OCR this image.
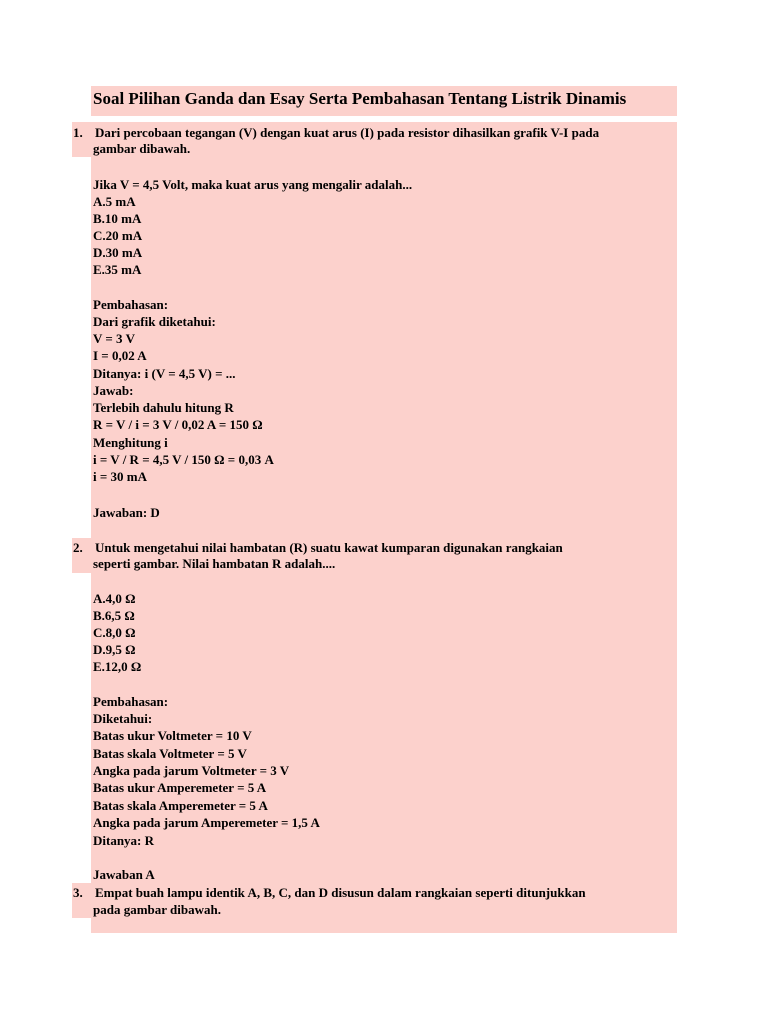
Soal Pilihan Ganda dan Esay Serta Pembahasan Tentang Listrik Dinamis
1. Dari percobaan tegangan (V) dengan kuat arus (I) pada resistor dihasilkan grafik V-I pada
gambar dibawah.
Jika V = 4,5 Volt, maka kuat arus yang mengalir adalah...
A.5 mA
B.10 mA
C.20 mA
D.30 mA
E.35 mA
Pembahasan:
Dari grafik diketahui:
V = 3 V
I = 0,02 A
Ditanya: i (V = 4,5 V) = ...
Jawab:
Terlebih dahulu hitung R
R = V / i = 3 V / 0,02 A = 150 Ω
Menghitung i
i = V / R = 4,5 V / 150 Ω = 0,03 A
i = 30 mA
Jawaban: D
2. Untuk mengetahui nilai hambatan (R) suatu kawat kumparan digunakan rangkaian
seperti gambar. Nilai hambatan R adalah....
A.4,0 Ω
B.6,5 Ω
C.8,0 Ω
D.9,5 Ω
E.12,0 Ω
Pembahasan:
Diketahui:
Batas ukur Voltmeter = 10 V
Batas skala Voltmeter = 5 V
Angka pada jarum Voltmeter = 3 V
Batas ukur Amperemeter = 5 A
Batas skala Amperemeter = 5 A
Angka pada jarum Amperemeter = 1,5 A
Ditanya: R
Jawaban A
3. Empat buah lampu identik A, B, C, dan D disusun dalam rangkaian seperti ditunjukkan
pada gambar dibawah.
